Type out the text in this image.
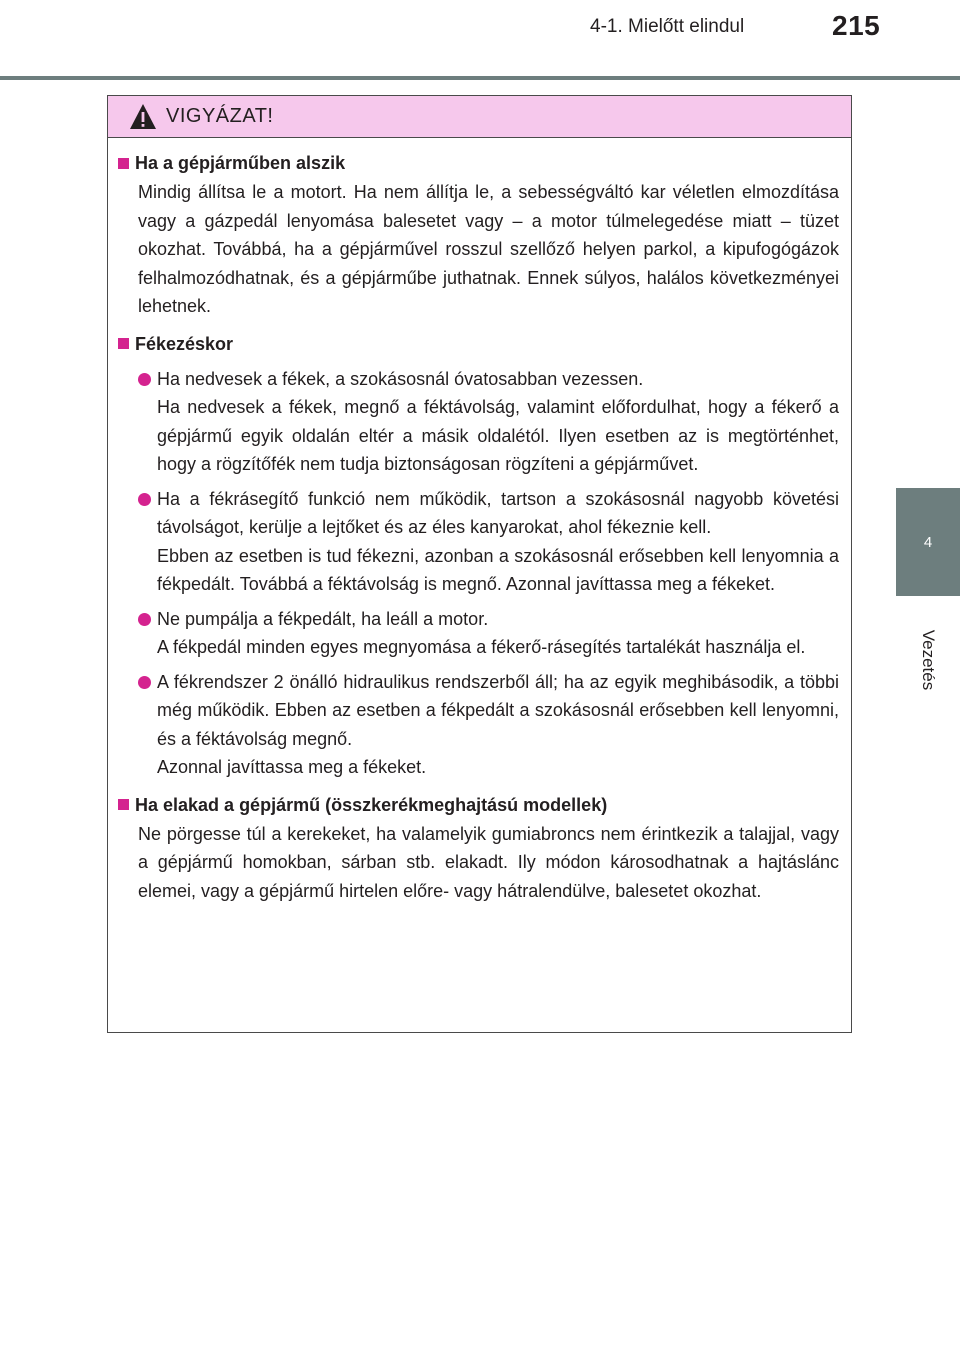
4-1. Mielőtt elindul	215
4
Vezetés
VIGYÁZAT!
Ha a gépjárműben alszik
Mindig állítsa le a motort. Ha nem állítja le, a sebességváltó kar véletlen elmozdítása vagy a gázpedál lenyomása balesetet vagy – a motor túlmelegedése miatt – tüzet okozhat. Továbbá, ha a gépjárművel rosszul szellőző helyen parkol, a kipufogógázok felhalmozódhatnak, és a gépjárműbe juthatnak. Ennek súlyos, halálos következményei lehetnek.
Fékezéskor
Ha nedvesek a fékek, a szokásosnál óvatosabban vezessen.
Ha nedvesek a fékek, megnő a féktávolság, valamint előfordulhat, hogy a fékerő a gépjármű egyik oldalán eltér a másik oldalétól. Ilyen esetben az is megtörténhet, hogy a rögzítőfék nem tudja biztonságosan rögzíteni a gépjárművet.
Ha a fékrásegítő funkció nem működik, tartson a szokásosnál nagyobb követési távolságot, kerülje a lejtőket és az éles kanyarokat, ahol fékeznie kell.
Ebben az esetben is tud fékezni, azonban a szokásosnál erősebben kell lenyomnia a fékpedált. Továbbá a féktávolság is megnő. Azonnal javíttassa meg a fékeket.
Ne pumpálja a fékpedált, ha leáll a motor.
A fékpedál minden egyes megnyomása a fékerő-rásegítés tartalékát használja el.
A fékrendszer 2 önálló hidraulikus rendszerből áll; ha az egyik meghibásodik, a többi még működik. Ebben az esetben a fékpedált a szokásosnál erősebben kell lenyomni, és a féktávolság megnő.
Azonnal javíttassa meg a fékeket.
Ha elakad a gépjármű (összkerékmeghajtású modellek)
Ne pörgesse túl a kerekeket, ha valamelyik gumiabroncs nem érintkezik a talajjal, vagy a gépjármű homokban, sárban stb. elakadt. Ily módon károsodhatnak a hajtáslánc elemei, vagy a gépjármű hirtelen előre- vagy hátralendülve, balesetet okozhat.
